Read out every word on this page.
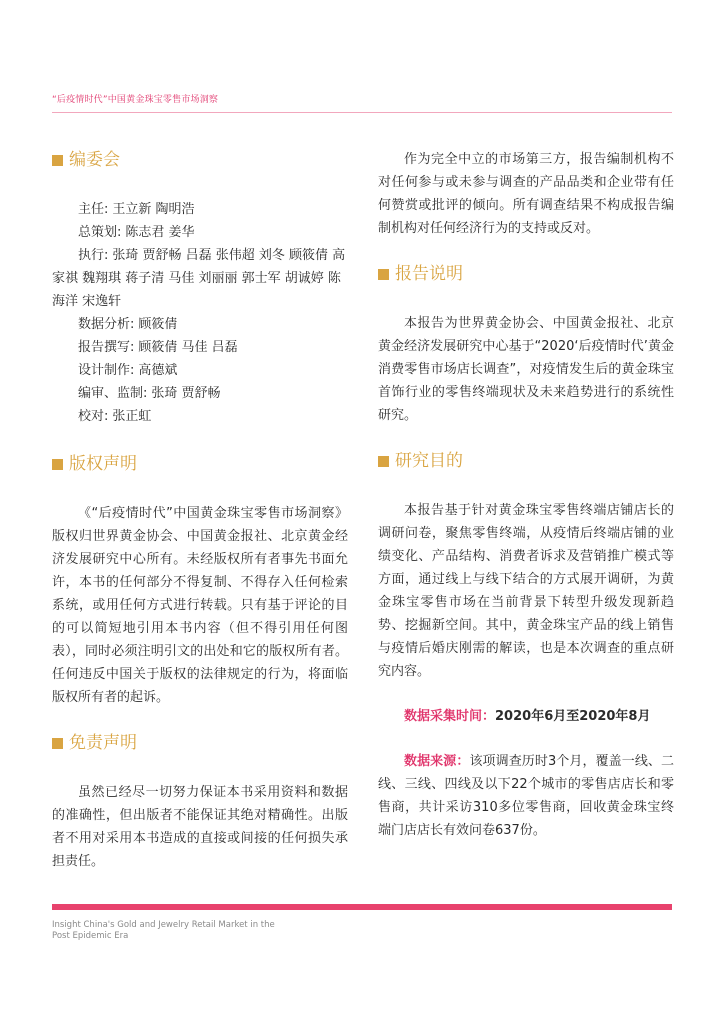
“后疫情时代”中国黄金珠宝零售市场洞察
编委会
主任: 王立新 陶明浩
总策划: 陈志君 姜华
执行: 张琦 贾舒畅 吕磊 张伟超 刘冬 顾筱倩 高家祺 魏翔琪 蒋子清 马佳 刘丽丽 郭士军 胡诚婷 陈海洋 宋逸轩
数据分析: 顾筱倩
报告撰写: 顾筱倩 马佳 吕磊
设计制作: 高德斌
编审、监制: 张琦 贾舒畅
校对: 张正虹
版权声明

《“后疫情时代”中国黄金珠宝零售市场洞察》版权归世界黄金协会、中国黄金报社、北京黄金经济发展研究中心所有。未经版权所有者事先书面允许，本书的任何部分不得复制、不得存入任何检索系统，或用任何方式进行转载。只有基于评论的目的可以简短地引用本书内容（但不得引用任何图表），同时必须注明引文的出处和它的版权所有者。任何违反中国关于版权的法律规定的行为，将面临版权所有者的起诉。

免责声明

虽然已经尽一切努力保证本书采用资料和数据的准确性，但出版者不能保证其绝对精确性。出版者不用对采用本书造成的直接或间接的任何损失承担责任。

作为完全中立的市场第三方，报告编制机构不对任何参与或未参与调查的产品品类和企业带有任何赞赏或批评的倾向。所有调查结果不构成报告编制机构对任何经济行为的支持或反对。

报告说明

本报告为世界黄金协会、中国黄金报社、北京黄金经济发展研究中心基于“2020‘后疫情时代’黄金消费零售市场店长调查”，对疫情发生后的黄金珠宝首饰行业的零售终端现状及未来趋势进行的系统性研究。

研究目的

本报告基于针对黄金珠宝零售终端店铺店长的调研问卷，聚焦零售终端，从疫情后终端店铺的业绩变化、产品结构、消费者诉求及营销推广模式等方面，通过线上与线下结合的方式展开调研，为黄金珠宝零售市场在当前背景下转型升级发现新趋势、挖掘新空间。其中，黄金珠宝产品的线上销售与疫情后婚庆刚需的解读，也是本次调查的重点研究内容。

数据采集时间：2020年6月至2020年8月
数据来源：该项调查历时3个月，覆盖一线、二线、三线、四线及以下22个城市的零售店店长和零售商，共计采访310多位零售商，回收黄金珠宝终端门店店长有效问卷637份。
Insight China's Gold and Jewelry Retail Market in the
Post Epidemic Era
